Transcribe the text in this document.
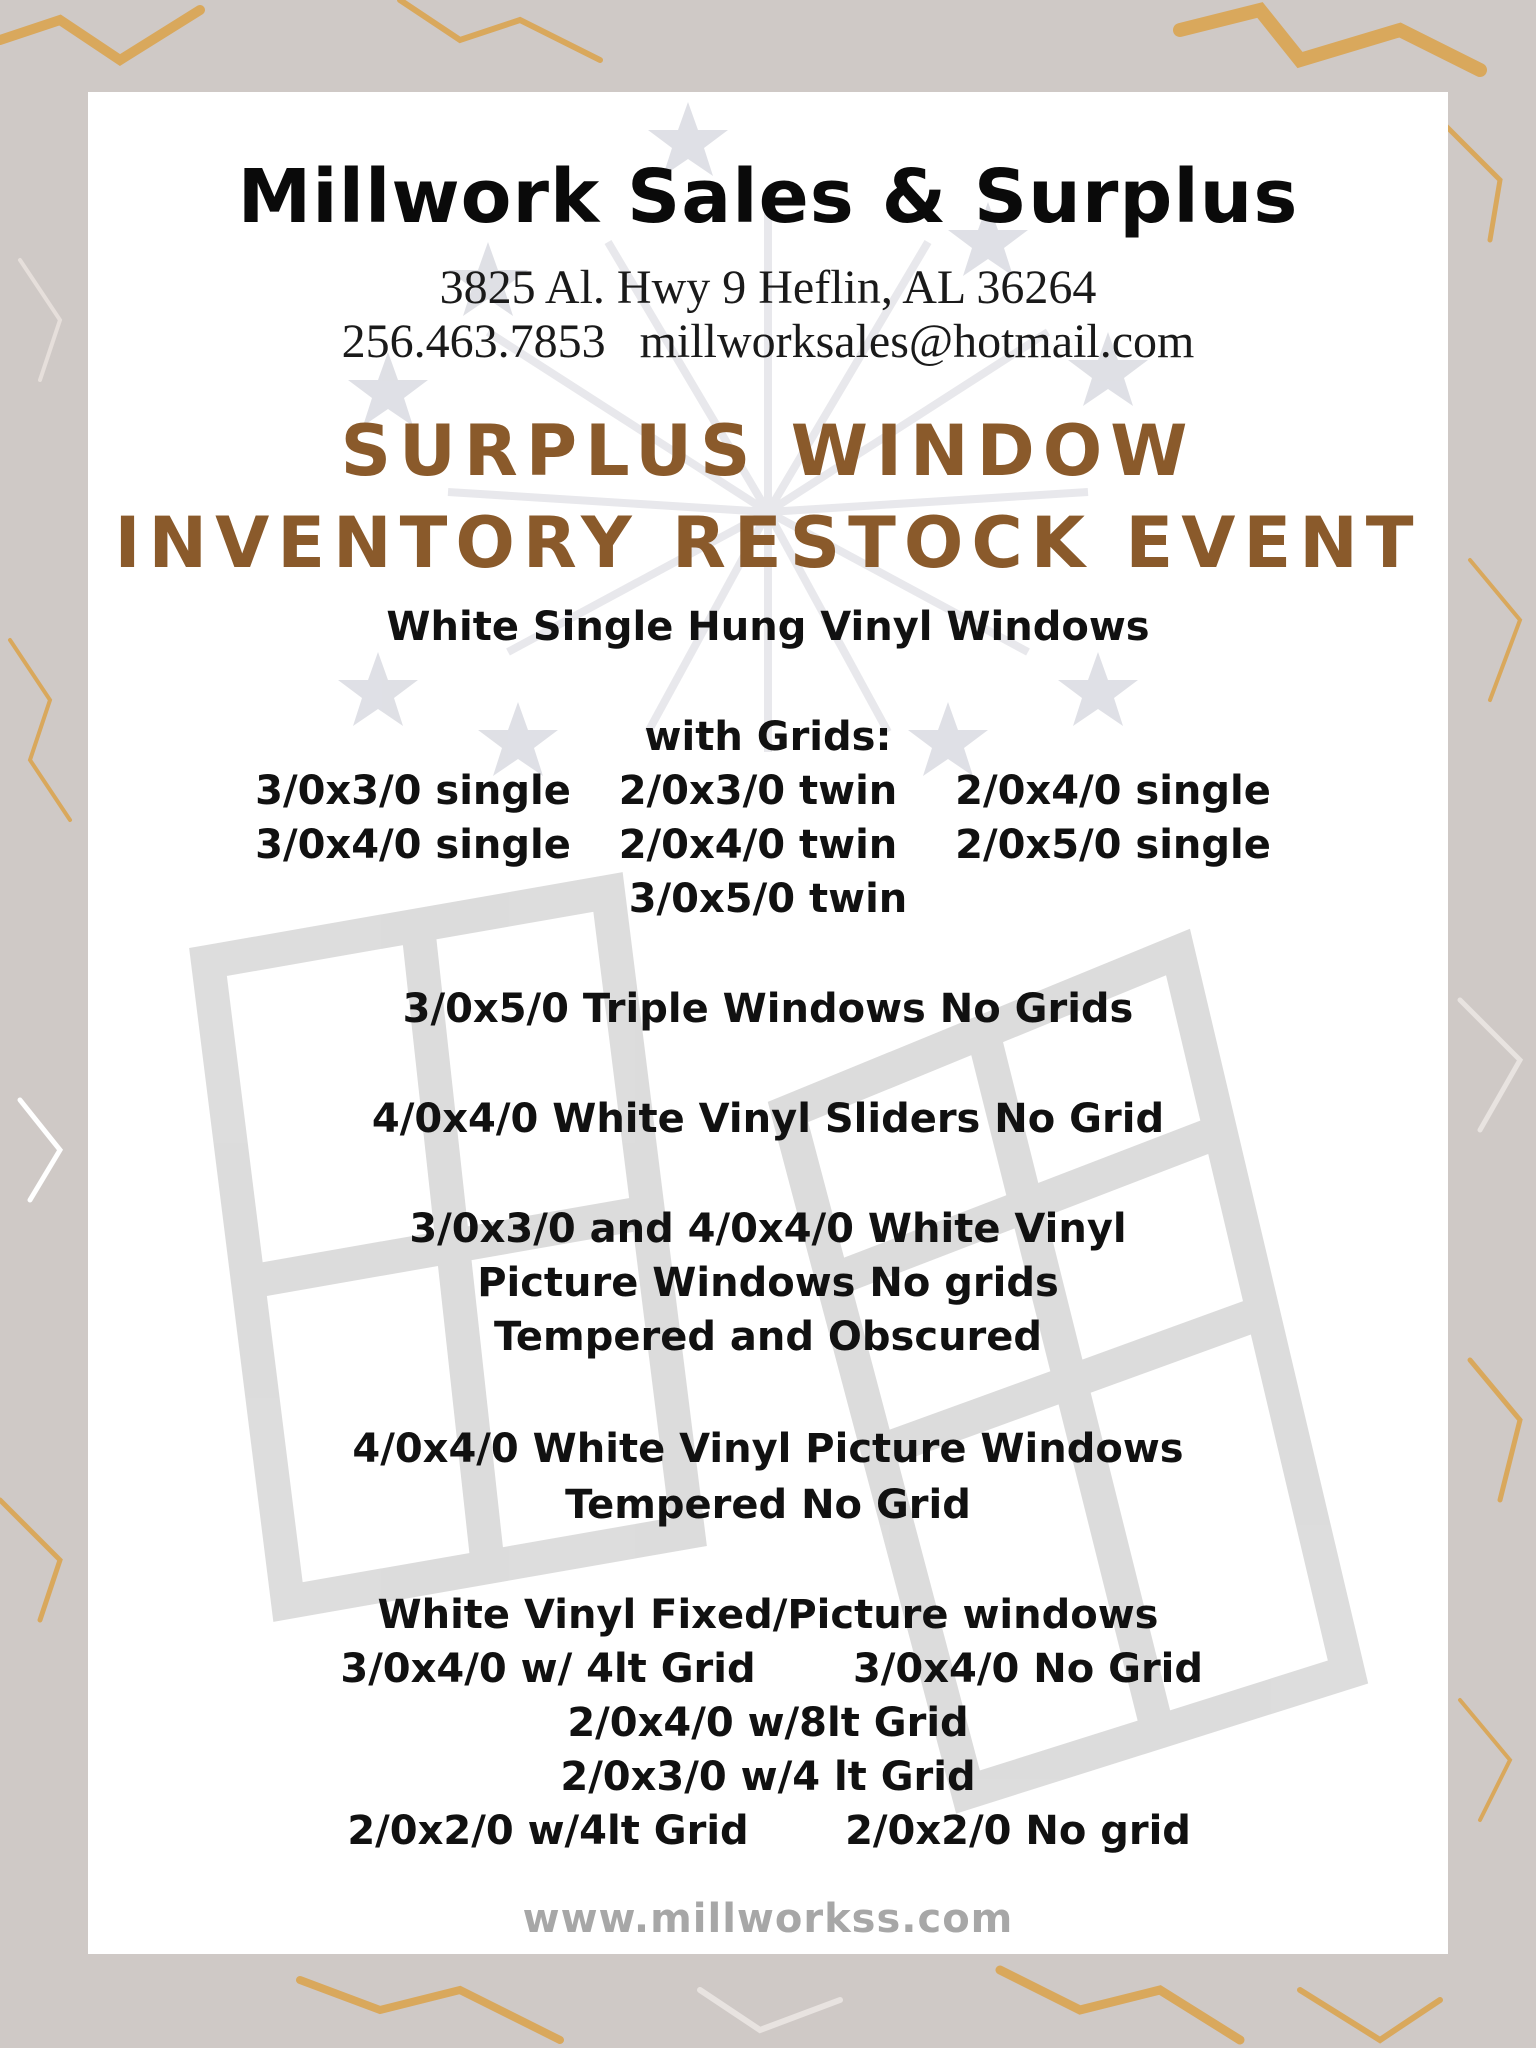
Millwork Sales & Surplus
3825 Al. Hwy 9 Heflin, AL 36264
256.463.7853 millworksales@hotmail.com
SURPLUS WINDOW
INVENTORY RESTOCK EVENT
White Single Hung Vinyl Windows
with Grids:
3/0x3/0 single	2/0x3/0 twin	2/0x4/0 single
3/0x4/0 single	2/0x4/0 twin	2/0x5/0 single
3/0x5/0 twin
3/0x5/0 Triple Windows No Grids
4/0x4/0 White Vinyl Sliders No Grid
3/0x3/0 and 4/0x4/0 White Vinyl
Picture Windows No grids
Tempered and Obscured
4/0x4/0 White Vinyl Picture Windows
Tempered No Grid
White Vinyl Fixed/Picture windows
3/0x4/0 w/ 4lt Grid	3/0x4/0 No Grid
2/0x4/0 w/8lt Grid
2/0x3/0 w/4 lt Grid
2/0x2/0 w/4lt Grid	2/0x2/0 No grid
www.millworkss.com
